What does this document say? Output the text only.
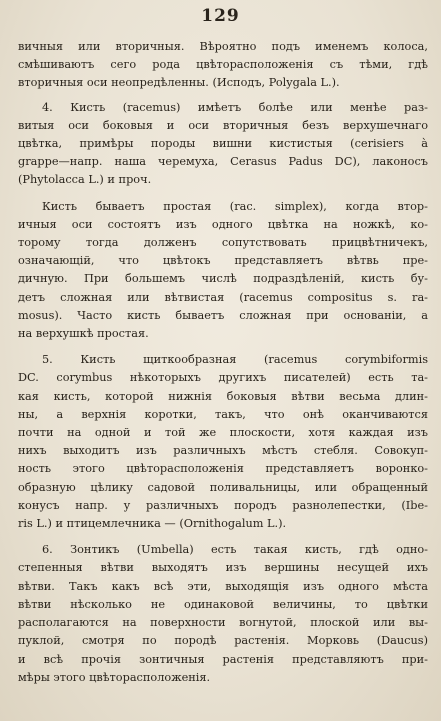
129
вичныя или вторичныя. Вѣроятно подъ именемъ колоса,
смѣшиваютъ сего рода цвѣторасположенія съ тѣми, гдѣ
вторичныя оси неопредѣленны. (Исподъ, Polygala L.).
4. Кисть (racemus) имѣетъ болѣе или менѣе раз-
витыя оси боковыя и оси вторичныя безъ верхушечнаго
цвѣтка, примѣры породы вишни кистистыя (cerisiers à
grappe—напр. наша черемуха, Cerasus Padus DC), лаконосъ
(Phytolacca L.) и проч.
Кисть бываетъ простая (rac. simplex), когда втор-
ичныя оси состоятъ изъ одного цвѣтка на ножкѣ, ко-
торому тогда долженъ сопутствовать прицвѣтничекъ,
означающій, что цвѣтокъ представляетъ вѣтвь пре-
дичную. При большемъ числѣ подраздѣленій, кисть бу-
детъ сложная или вѣтвистая (racemus compositus s. ra-
mosus). Часто кисть бываетъ сложная при основаніи, а
на верхушкѣ простая.
5. Кисть щиткообразная (racemus corymbiformis
DC. corymbus нѣкоторыхъ другихъ писателей) есть та-
кая кисть, которой нижнія боковыя вѣтви весьма длин-
ны, а верхнія коротки, такъ, что онѣ оканчиваются
почти на одной и той же плоскости, хотя каждая изъ
нихъ выходитъ изъ различныхъ мѣстъ стебля. Совокуп-
ность этого цвѣторасположенія представляетъ воронко-
образную цѣлику садовой поливальницы, или обращенный
конусъ напр. у различныхъ породъ разнолепестки, (Ibe-
ris L.) и птицемлечника — (Ornithogalum L.).
6. Зонтикъ (Umbella) есть такая кисть, гдѣ одно-
степенныя вѣтви выходятъ изъ вершины несущей ихъ
вѣтви. Такъ какъ всѣ эти, выходящія изъ одного мѣста
вѣтви нѣсколько не одинаковой величины, то цвѣтки
располагаются на поверхности вогнутой, плоской или вы-
пуклой, смотря по породѣ растенія. Морковь (Daucus)
и всѣ прочія зонтичныя растенія представляютъ при-
мѣры этого цвѣторасположенія.
